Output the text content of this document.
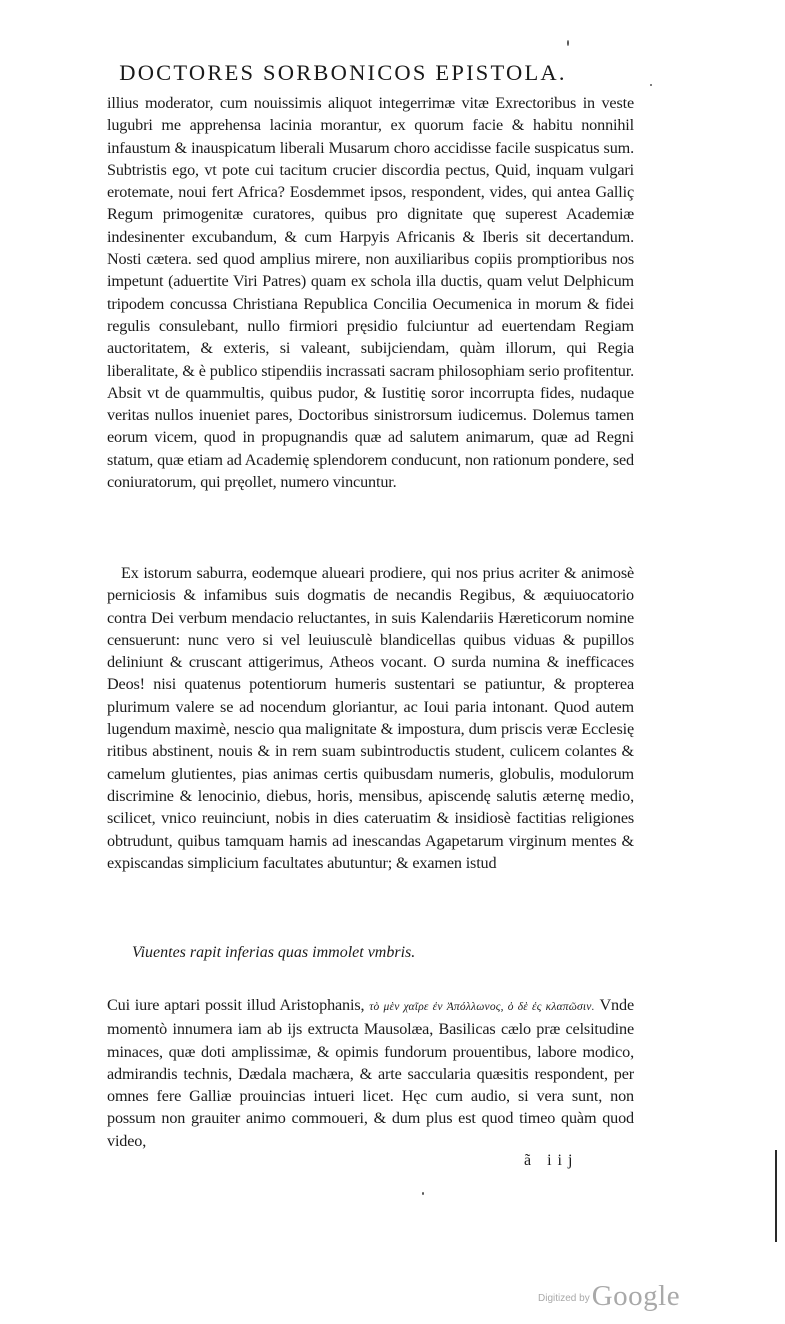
DOCTORES SORBONICOS EPISTOLA.

illius moderator, cum nouissimis aliquot integerrimæ vitæ Exrectoribus in veste lugubri me apprehensa lacinia morantur, ex quorum facie & habitu nonnihil infaustum & inauspicatum liberali Musarum choro accidisse facile suspicatus sum. Subtristis ego, vt pote cui tacitum crucier discordia pectus, Quid, inquam vulgari erotemate, noui fert Africa? Eosdemmet ipsos, respondent, vides, qui antea Galliç Regum primogenitæ curatores, quibus pro dignitate quę superest Academiæ indesinenter excubandum, & cum Harpyis Africanis & Iberis sit decertandum. Nosti cætera. sed quod amplius mirere, non auxiliaribus copiis promptioribus nos impetunt (aduertite Viri Patres) quam ex schola illa ductis, quam velut Delphicum tripodem concussa Christiana Republica Concilia Oecumenica in morum & fidei regulis consulebant, nullo firmiori pręsidio fulciuntur ad euertendam Regiam auctoritatem, & exteris, si valeant, subijciendam, quàm illorum, qui Regia liberalitate, & è publico stipendiis incrassati sacram philosophiam serio profitentur. Absit vt de quammultis, quibus pudor, & Iustitię soror incorrupta fides, nudaque veritas nullos inueniet pares, Doctoribus sinistrorsum iudicemus. Dolemus tamen eorum vicem, quod in propugnandis quæ ad salutem animarum, quæ ad Regni statum, quæ etiam ad Academię splendorem conducunt, non rationum pondere, sed coniuratorum, qui pręollet, numero vincuntur.

Ex istorum saburra, eodemque alueari prodiere, qui nos prius acriter & animosè perniciosis & infamibus suis dogmatis de necandis Regibus, & æquiuocatorio contra Dei verbum mendacio reluctantes, in suis Kalendariis Hæreticorum nomine censuerunt: nunc vero si vel leuiusculè blandicellas quibus viduas & pupillos deliniunt & cruscant attigerimus, Atheos vocant. O surda numina & inefficaces Deos! nisi quatenus potentiorum humeris sustentari se patiuntur, & propterea plurimum valere se ad nocendum gloriantur, ac Ioui paria intonant. Quod autem lugendum maximè, nescio qua malignitate & impostura, dum priscis veræ Ecclesię ritibus abstinent, nouis & in rem suam subintroductis student, culicem colantes & camelum glutientes, pias animas certis quibusdam numeris, globulis, modulorum discrimine & lenocinio, diebus, horis, mensibus, apiscendę salutis æternę medio, scilicet, vnico reuinciunt, nobis in dies cateruatim & insidiosè factitias religiones obtrudunt, quibus tamquam hamis ad inescandas Agapetarum virginum mentes & expiscandas simplicium facultates abutuntur; & examen istud

Viuentes rapit inferias quas immolet vmbris.

Cui iure aptari possit illud Aristophanis, τὸ μὲν χαῖρε ἐν Ἀπόλλωνος, ὁ δὲ ἐς κλαπῶσιν. Vnde momentò innumera iam ab ijs extructa Mausolæa, Basilicas cælo præ celsitudine minaces, quæ doti amplissimæ, & opimis fundorum prouentibus, labore modico, admirandis technis, Dædala machæra, & arte saccularia quæsitis respondent, per omnes fere Galliæ prouincias intueri licet. Hęc cum audio, si vera sunt, non possum non grauiter animo commoueri, & dum plus est quod timeo quàm quod video,

ã iij
$^{Digitized by}$Google
